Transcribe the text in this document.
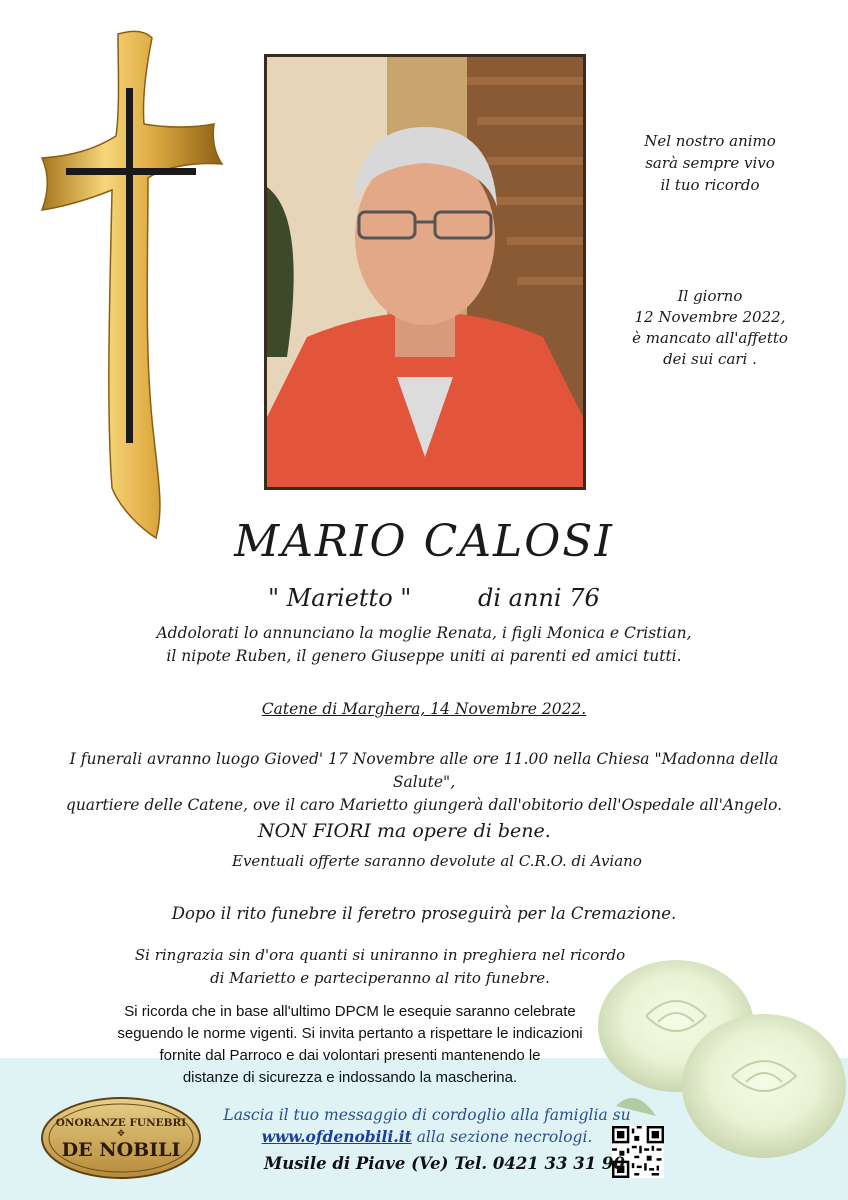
Nel nostro animo
sarà sempre vivo
il tuo ricordo
Il giorno
12 Novembre 2022,
è mancato all'affetto
dei sui cari .
MARIO CALOSI
" Marietto "	di anni 76
Addolorati lo annunciano la moglie Renata, i figli Monica e Cristian,
il nipote Ruben, il genero Giuseppe uniti ai parenti ed amici tutti.
Catene di Marghera, 14 Novembre 2022.
I funerali avranno luogo Gioved' 17 Novembre alle ore 11.00 nella Chiesa "Madonna della Salute",
quartiere delle Catene, ove il caro Marietto giungerà dall'obitorio dell'Ospedale all'Angelo.
NON FIORI ma opere di bene.
Eventuali offerte saranno devolute al C.R.O. di Aviano
Dopo il rito funebre il feretro proseguirà per la Cremazione.
Si ringrazia sin d'ora quanti si uniranno in preghiera nel ricordo
di Marietto e parteciperanno al rito funebre.
Si ricorda che in base all'ultimo DPCM le esequie saranno celebrate
seguendo le norme vigenti. Si invita pertanto a rispettare le indicazioni
fornite dal Parroco e dai volontari presenti mantenendo le
distanze di sicurezza e indossando la mascherina.
ONORANZE FUNEBRI
✥
DE NOBILI
Lascia il tuo messaggio di cordoglio alla famiglia su
www.ofdenobili.it alla sezione necrologi.
Musile di Piave (Ve) Tel. 0421 33 31 90
